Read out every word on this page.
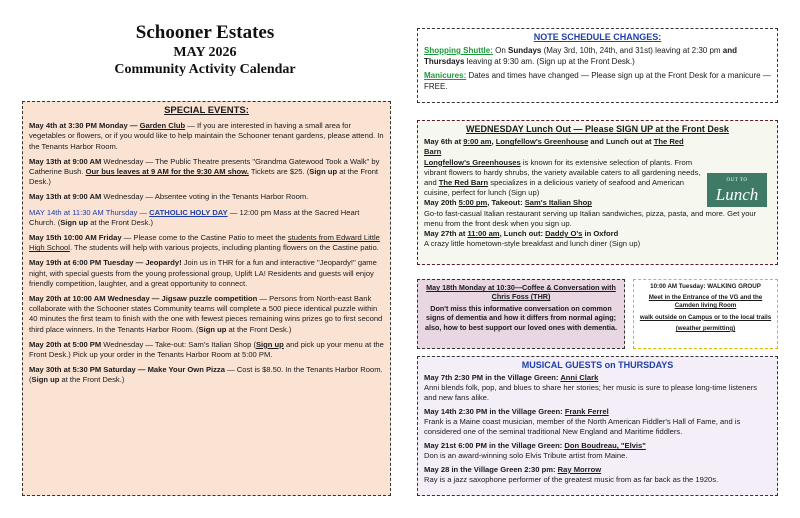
Schooner Estates
MAY 2026
Community Activity Calendar
SPECIAL EVENTS:
May 4th at 3:30 PM Monday — Garden Club — If you are interested in having a small area for vegetables or flowers, or if you would like to help maintain the Schooner tenant gardens, please attend. In the Tenants Harbor Room.
May 13th at 9:00 AM Wednesday — The Public Theatre presents "Grandma Gatewood Took a Walk" by Catherine Bush. Our bus leaves at 9 AM for the 9:30 AM show. Tickets are $25. (Sign up at the Front Desk.)
May 13th at 9:00 AM Wednesday — Absentee voting in the Tenants Harbor Room.
MAY 14th at 11:30 AM Thursday — CATHOLIC HOLY DAY — 12:00 pm Mass at the Sacred Heart Church. (Sign up at the Front Desk.)
May 15th 10:00 AM Friday — Please come to the Castine Patio to meet the students from Edward Little High School. The students will help with various projects, including planting flowers on the Castine patio.
May 19th at 6:00 PM Tuesday — Jeopardy! Join us in THR for a fun and interactive "Jeopardy!" game night, with special guests from the young professional group, Uplift LA! Residents and guests will enjoy friendly competition, laughter, and a great opportunity to connect.
May 20th at 10:00 AM Wednesday — Jigsaw puzzle competition — Persons from North-east Bank collaborate with the Schooner states Community teams will complete a 500 piece identical puzzle within 40 minutes the first team to finish with the one with fewest pieces remaining wins prizes go to first second third place winners. In the Tenants Harbor Room. (Sign up at the Front Desk.)
May 20th at 5:00 PM Wednesday — Take-out: Sam's Italian Shop (Sign up and pick up your menu at the Front Desk.) Pick up your order in the Tenants Harbor Room at 5:00 PM.
May 30th at 5:30 PM Saturday — Make Your Own Pizza — Cost is $8.50. In the Tenants Harbor Room. (Sign up at the Front Desk.)
NOTE SCHEDULE CHANGES:
Shopping Shuttle: On Sundays (May 3rd, 10th, 24th, and 31st) leaving at 2:30 pm and Thursdays leaving at 9:30 am. (Sign up at the Front Desk.)
Manicures: Dates and times have changed — Please sign up at the Front Desk for a manicure — FREE.
WEDNESDAY Lunch Out — Please SIGN UP at the Front Desk
May 6th at 9:00 am, Longfellow's Greenhouse and Lunch out at The Red Barn
Longfellow's Greenhouses is known for its extensive selection of plants. From vibrant flowers to hardy shrubs, the variety available caters to all gardening needs, and The Red Barn specializes in a delicious variety of seafood and American cuisine, perfect for lunch (Sign up)
May 20th 5:00 pm, Takeout: Sam's Italian Shop
Go-to fast-casual Italian restaurant serving up Italian sandwiches, pizza, pasta, and more. Get your menu from the front desk when you sign up.
May 27th at 11:00 am, Lunch out: Daddy O's in Oxford
A crazy little hometown-style breakfast and lunch diner (Sign up)
OUT TO
Lunch
May 18th Monday at 10:30—Coffee & Conversation with Chris Foss (THR)
Don't miss this informative conversation on common signs of dementia and how it differs from normal aging; also, how to best support our loved ones with dementia.
10:00 AM Tuesday: WALKING GROUP
Meet in the Entrance of the VG and the Camden living Room
walk outside on Campus or to the local trails
(weather permitting)
MUSICAL GUESTS on THURSDAYS
May 7th 2:30 PM in the Village Green: Anni Clark
Anni blends folk, pop, and blues to share her stories; her music is sure to please long-time listeners and new fans alike.
May 14th 2:30 PM in the Village Green: Frank Ferrel
Frank is a Maine coast musician, member of the North American Fiddler's Hall of Fame, and is considered one of the seminal traditional New England and Maritime fiddlers.
May 21st 6:00 PM in the Village Green: Don Boudreau, "Elvis"
Don is an award-winning solo Elvis Tribute artist from Maine.
May 28 in the Village Green 2:30 pm: Ray Morrow
Ray is a jazz saxophone performer of the greatest music from as far back as the 1920s.
